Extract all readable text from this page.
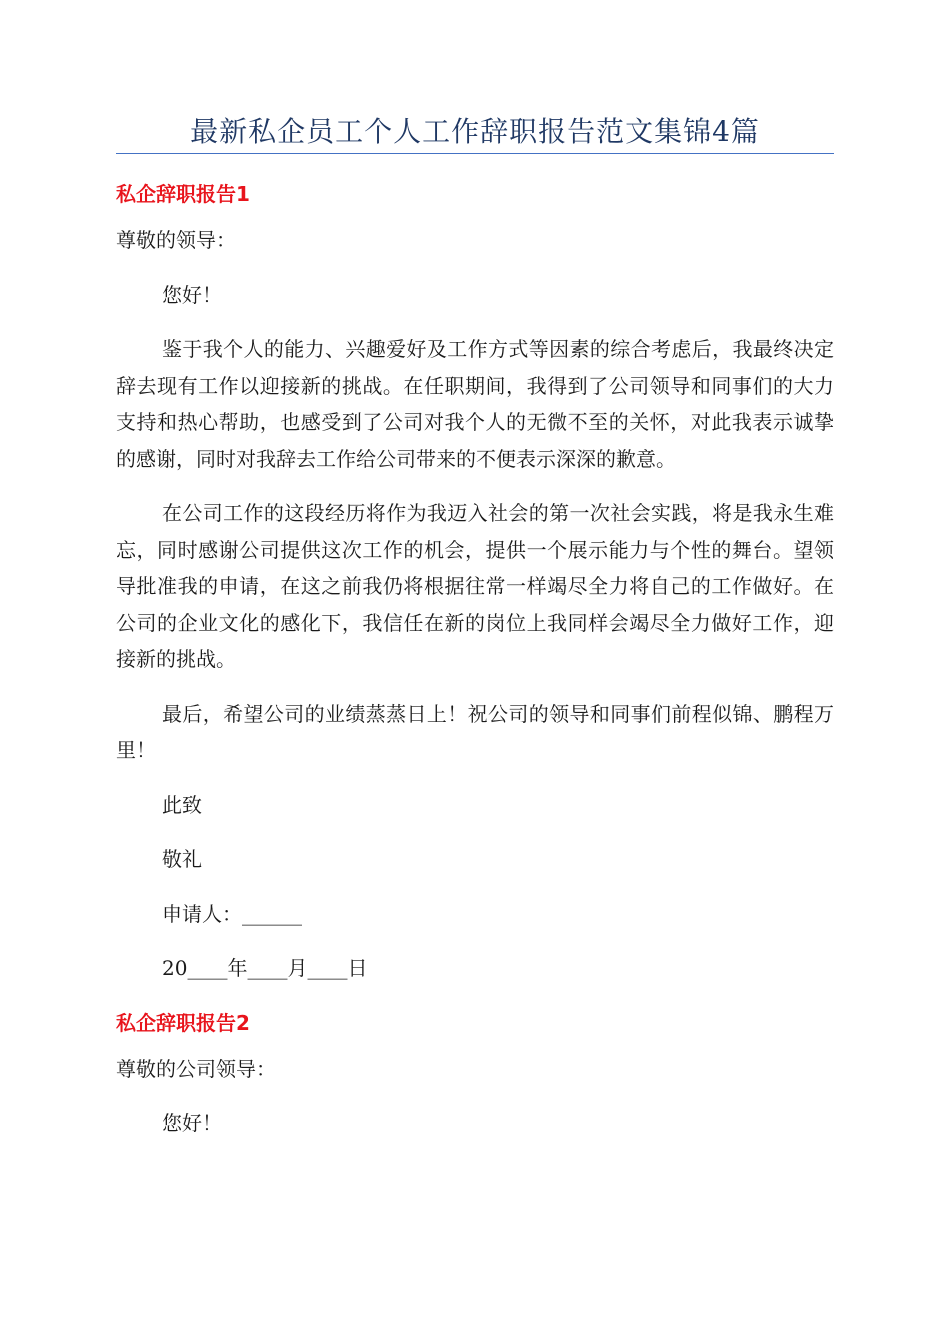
最新私企员工个人工作辞职报告范文集锦4篇
私企辞职报告1

尊敬的领导：

您好！

鉴于我个人的能力、兴趣爱好及工作方式等因素的综合考虑后，我最终决定辞去现有工作以迎接新的挑战。在任职期间，我得到了公司领导和同事们的大力支持和热心帮助，也感受到了公司对我个人的无微不至的关怀，对此我表示诚挚的感谢，同时对我辞去工作给公司带来的不便表示深深的歉意。

在公司工作的这段经历将作为我迈入社会的第一次社会实践，将是我永生难忘，同时感谢公司提供这次工作的机会，提供一个展示能力与个性的舞台。望领导批准我的申请，在这之前我仍将根据往常一样竭尽全力将自己的工作做好。在公司的企业文化的感化下，我信任在新的岗位上我同样会竭尽全力做好工作，迎接新的挑战。

最后，希望公司的业绩蒸蒸日上！祝公司的领导和同事们前程似锦、鹏程万里！

此致

敬礼

申请人：______

20____年____月____日

私企辞职报告2

尊敬的公司领导：

您好！
